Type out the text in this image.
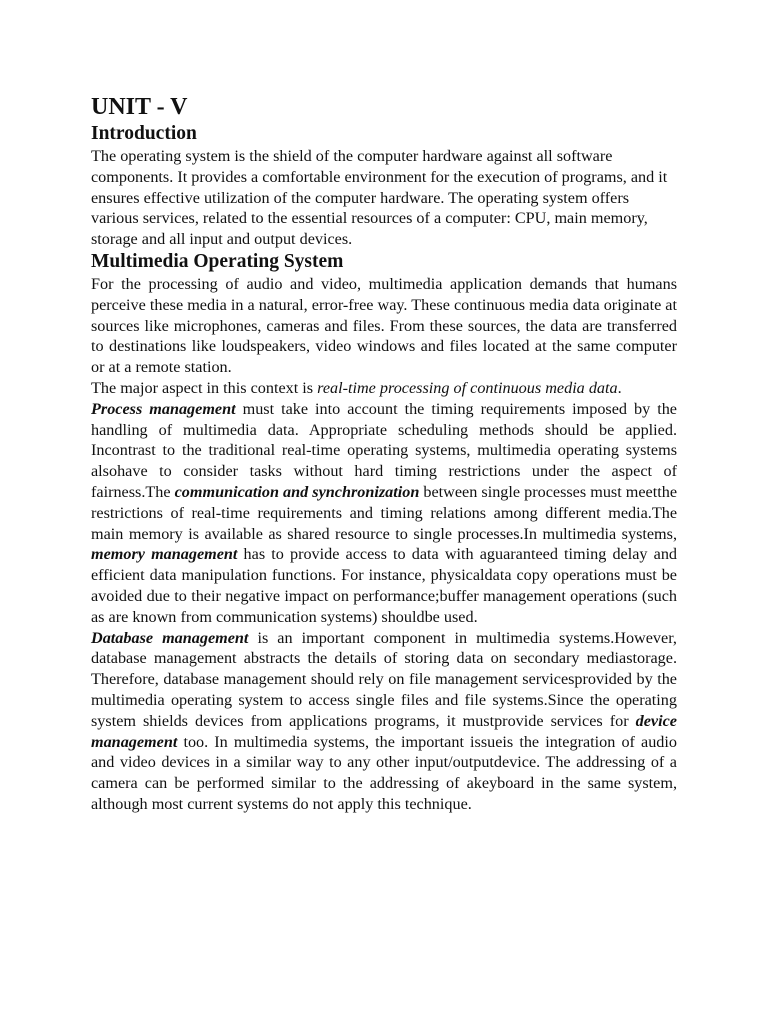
UNIT - V
Introduction

The operating system is the shield of the computer hardware against all software components. It provides a comfortable environment for the execution of programs, and it ensures effective utilization of the computer hardware. The operating system offers various services, related to the essential resources of a computer: CPU, main memory, storage and all input and output devices.

Multimedia Operating System

For the processing of audio and video, multimedia application demands that humans perceive these media in a natural, error-free way. These continuous media data originate at sources like microphones, cameras and files. From these sources, the data are transferred to destinations like loudspeakers, video windows and files located at the same computer or at a remote station.

The major aspect in this context is real-time processing of continuous media data.

Process management must take into account the timing requirements imposed by the handling of multimedia data. Appropriate scheduling methods should be applied. Incontrast to the traditional real-time operating systems, multimedia operating systems alsohave to consider tasks without hard timing restrictions under the aspect of fairness.The communication and synchronization between single processes must meetthe restrictions of real-time requirements and timing relations among different media.The main memory is available as shared resource to single processes.In multimedia systems, memory management has to provide access to data with aguaranteed timing delay and efficient data manipulation functions. For instance, physicaldata copy operations must be avoided due to their negative impact on performance;buffer management operations (such as are known from communication systems) shouldbe used.

Database management is an important component in multimedia systems.However, database management abstracts the details of storing data on secondary mediastorage. Therefore, database management should rely on file management servicesprovided by the multimedia operating system to access single files and file systems.Since the operating system shields devices from applications programs, it mustprovide services for device management too. In multimedia systems, the important issueis the integration of audio and video devices in a similar way to any other input/outputdevice. The addressing of a camera can be performed similar to the addressing of akeyboard in the same system, although most current systems do not apply this technique.
